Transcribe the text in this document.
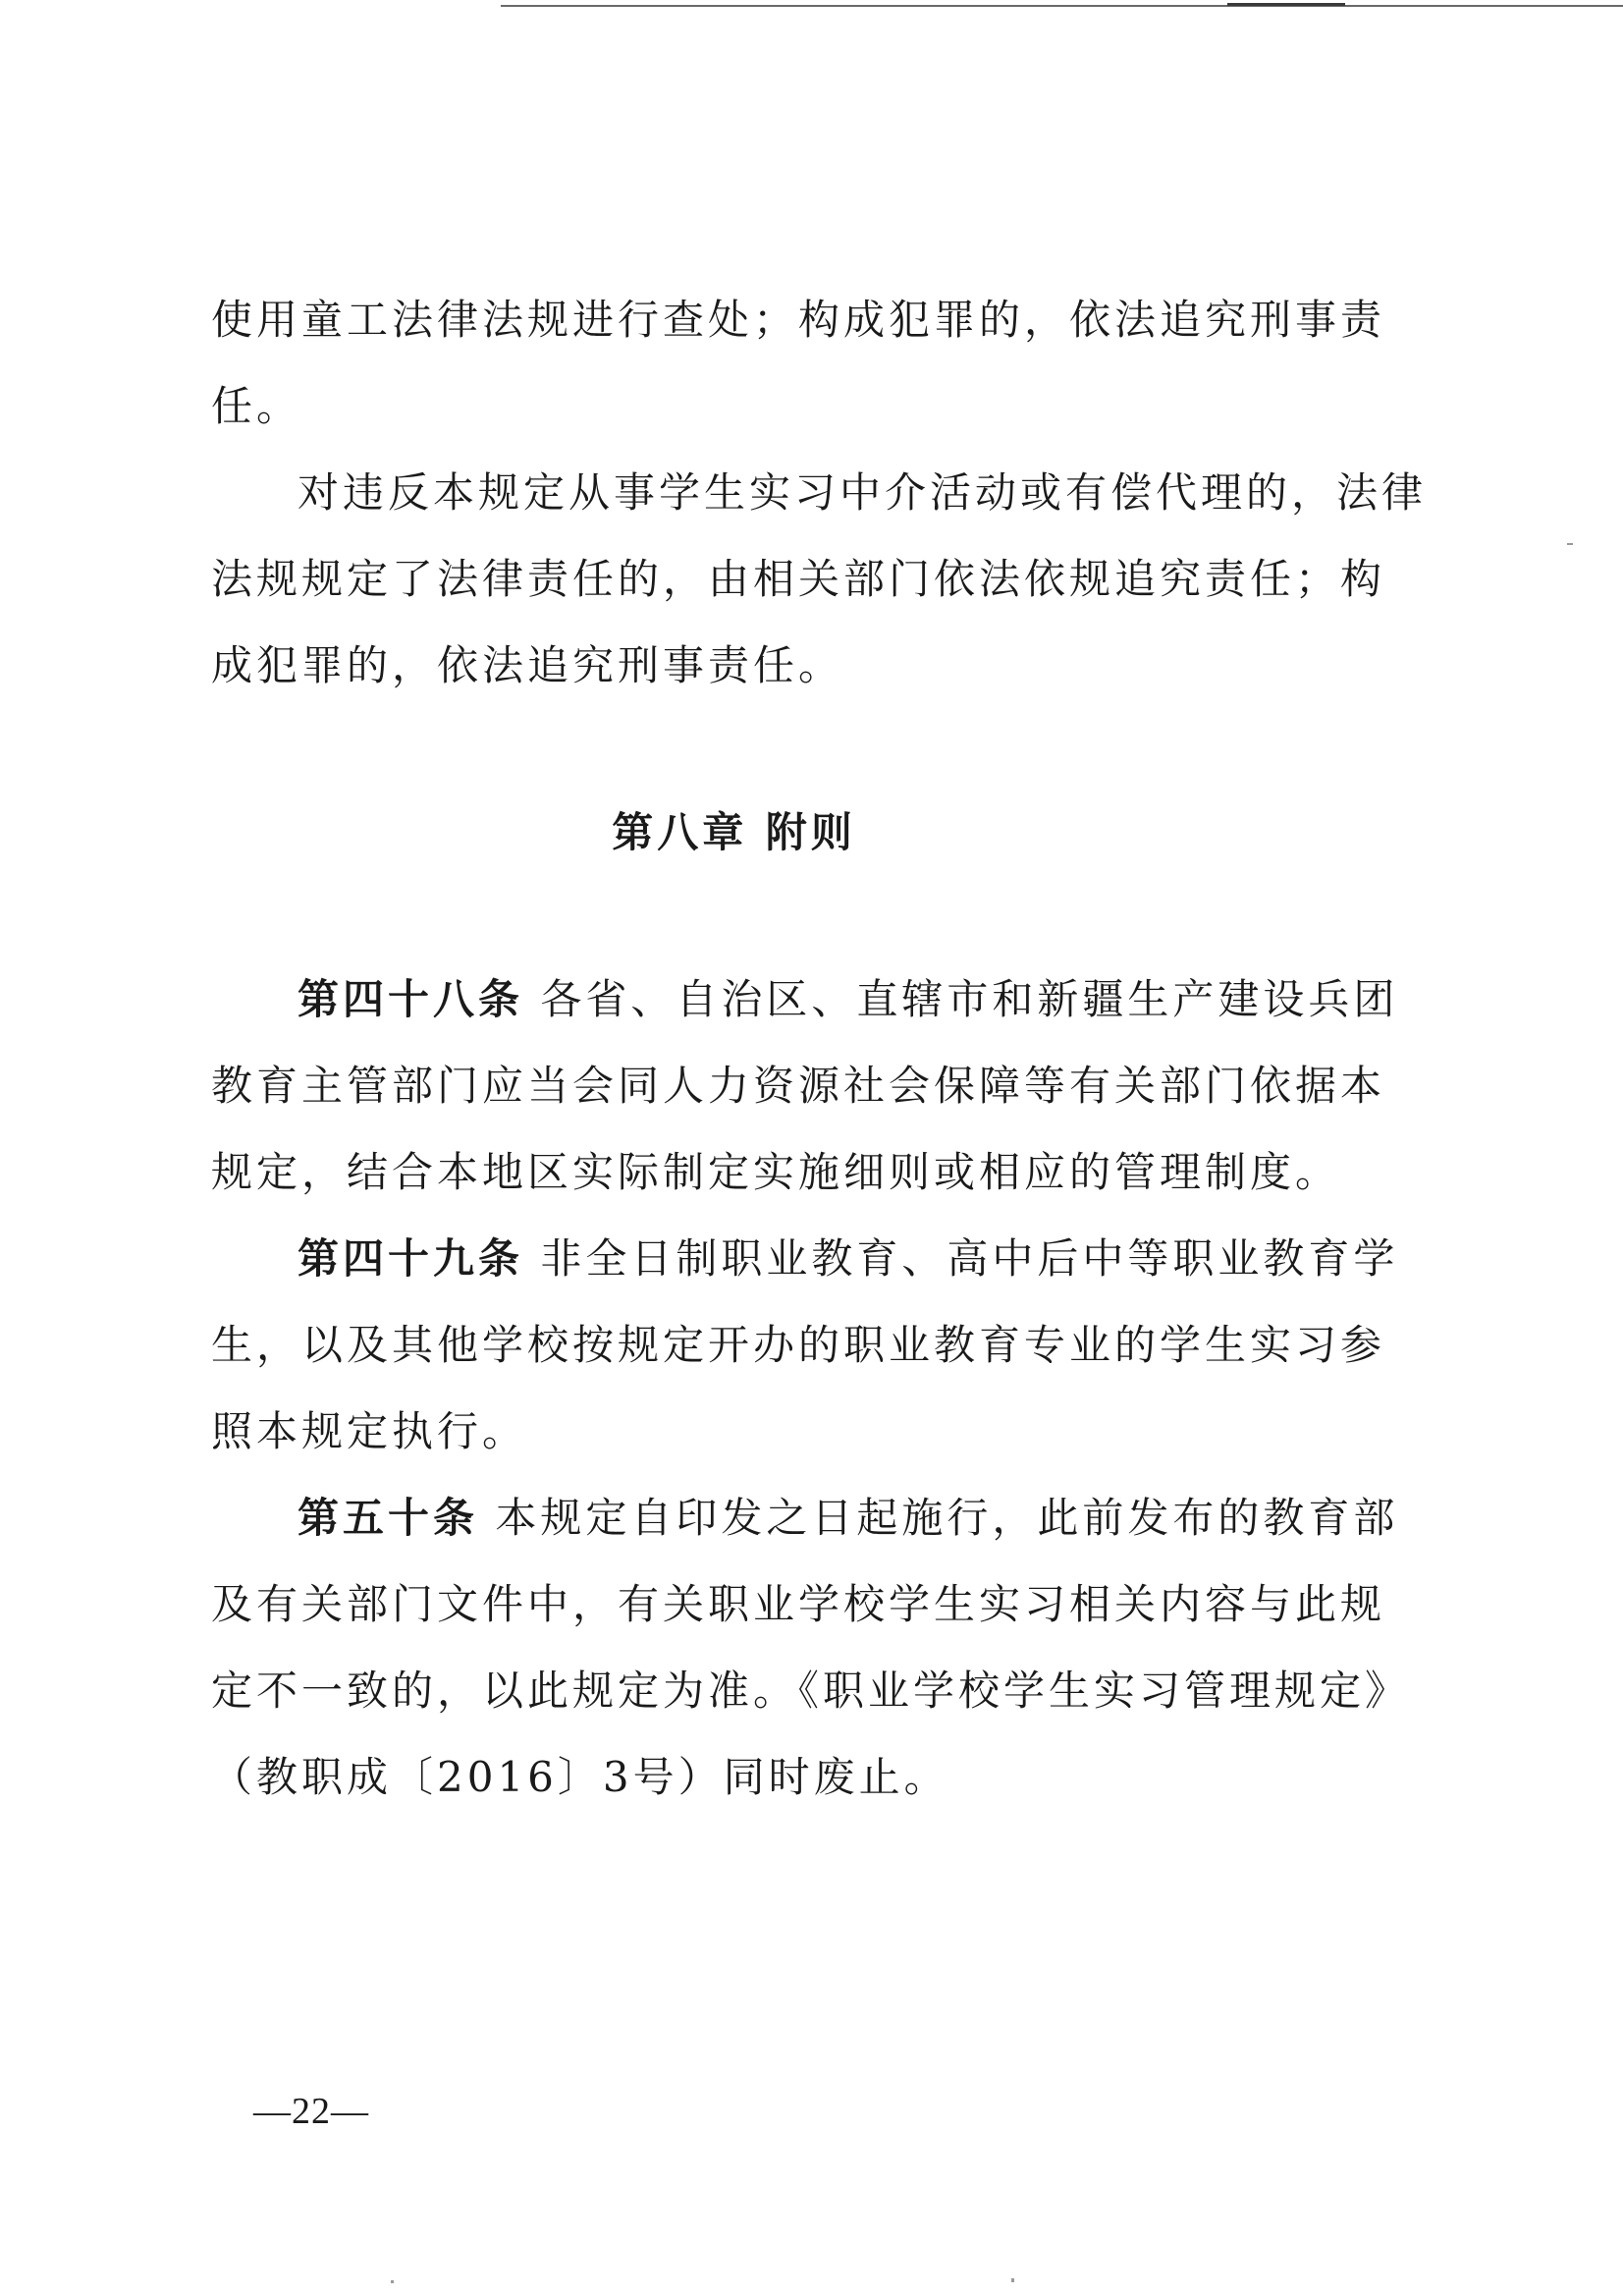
使用童工法律法规进行查处；构成犯罪的，依法追究刑事责任。

对违反本规定从事学生实习中介活动或有偿代理的，法律法规规定了法律责任的，由相关部门依法依规追究责任；构成犯罪的，依法追究刑事责任。

第八章 附则

第四十八条 各省、自治区、直辖市和新疆生产建设兵团教育主管部门应当会同人力资源社会保障等有关部门依据本规定，结合本地区实际制定实施细则或相应的管理制度。

第四十九条 非全日制职业教育、高中后中等职业教育学生，以及其他学校按规定开办的职业教育专业的学生实习参照本规定执行。

第五十条 本规定自印发之日起施行，此前发布的教育部及有关部门文件中，有关职业学校学生实习相关内容与此规定不一致的，以此规定为准。《职业学校学生实习管理规定》（教职成〔2016〕3号）同时废止。

—22—
